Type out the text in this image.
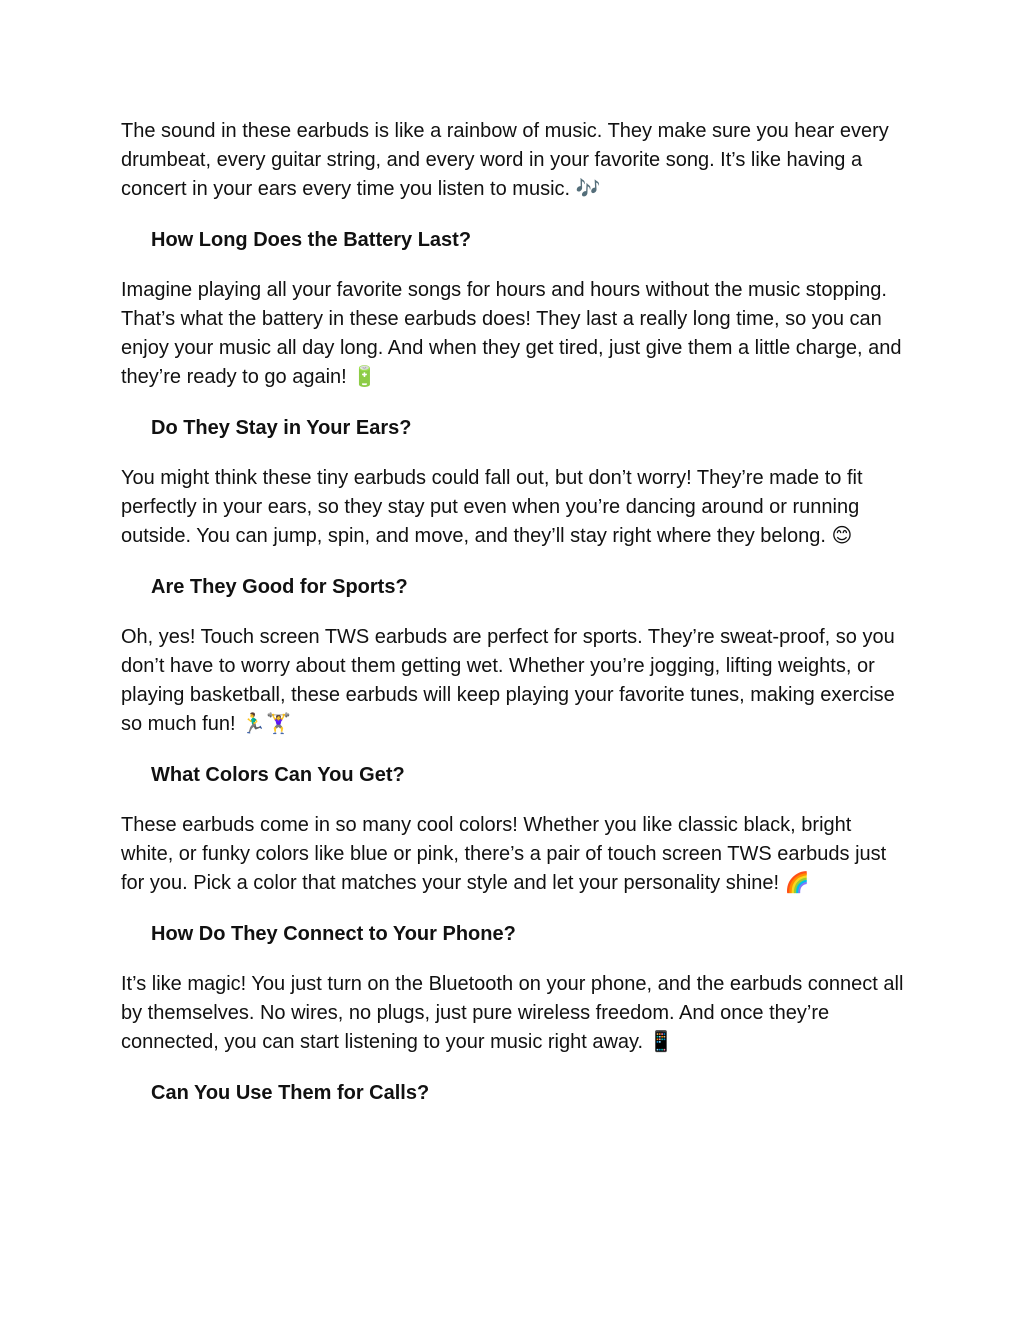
The sound in these earbuds is like a rainbow of music. They make sure you hear every drumbeat, every guitar string, and every word in your favorite song. It’s like having a concert in your ears every time you listen to music. 🎶

How Long Does the Battery Last?

Imagine playing all your favorite songs for hours and hours without the music stopping. That’s what the battery in these earbuds does! They last a really long time, so you can enjoy your music all day long. And when they get tired, just give them a little charge, and they’re ready to go again! 🔋

Do They Stay in Your Ears?

You might think these tiny earbuds could fall out, but don’t worry! They’re made to fit perfectly in your ears, so they stay put even when you’re dancing around or running outside. You can jump, spin, and move, and they’ll stay right where they belong. 😊

Are They Good for Sports?

Oh, yes! Touch screen TWS earbuds are perfect for sports. They’re sweat-proof, so you don’t have to worry about them getting wet. Whether you’re jogging, lifting weights, or playing basketball, these earbuds will keep playing your favorite tunes, making exercise so much fun! 🏃‍♂️🏋️‍♀️

What Colors Can You Get?

These earbuds come in so many cool colors! Whether you like classic black, bright white, or funky colors like blue or pink, there’s a pair of touch screen TWS earbuds just for you. Pick a color that matches your style and let your personality shine! 🌈

How Do They Connect to Your Phone?

It’s like magic! You just turn on the Bluetooth on your phone, and the earbuds connect all by themselves. No wires, no plugs, just pure wireless freedom. And once they’re connected, you can start listening to your music right away. 📱

Can You Use Them for Calls?
